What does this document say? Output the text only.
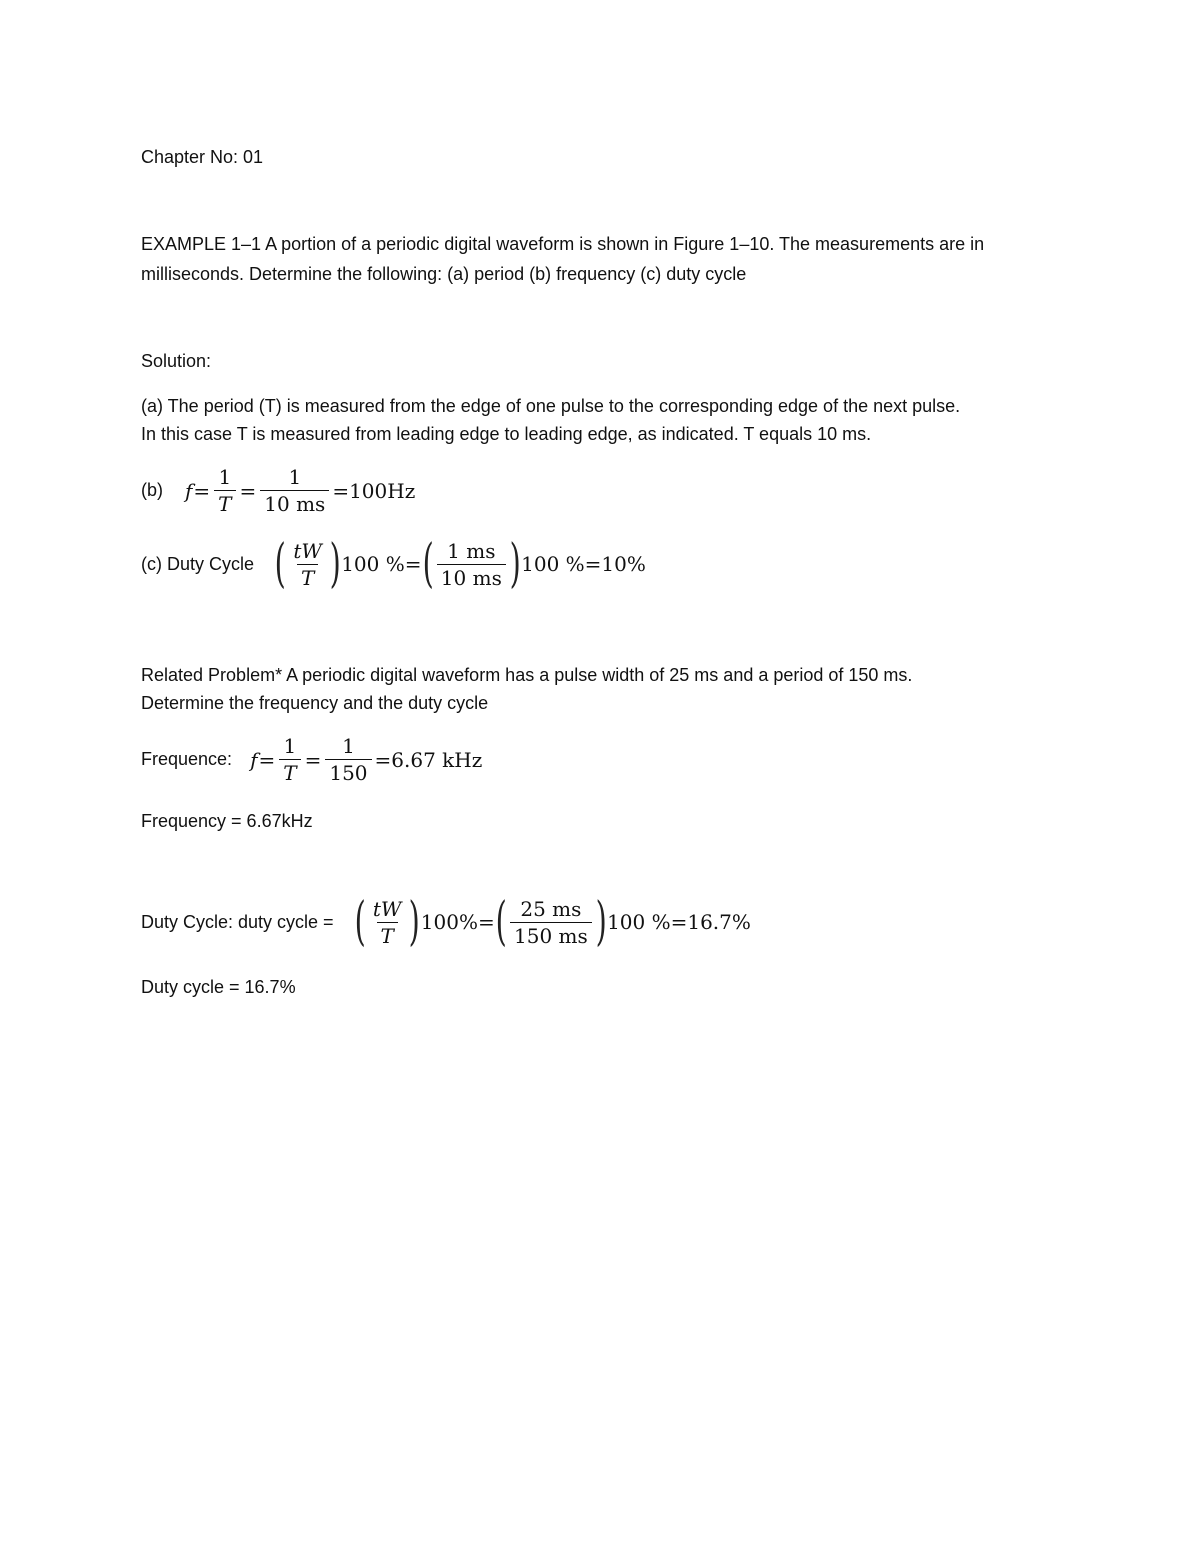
Chapter No: 01
EXAMPLE 1–1 A portion of a periodic digital waveform is shown in Figure 1–10. The measurements are in
milliseconds. Determine the following: (a) period (b) frequency (c) duty cycle
Solution:
(a) The period (T) is measured from the edge of one pulse to the corresponding edge of the next pulse.
In this case T is measured from leading edge to leading edge, as indicated. T equals 10 ms.
(b) $f = \frac{1}{T} = \frac{1}{10 ms} =100Hz$
(c) Duty Cycle ( $\frac{tW}{T}$ ) 100 %= ( $\frac{1 ms}{10 ms}$ ) 100 %=10%
Related Problem* A periodic digital waveform has a pulse width of 25 ms and a period of 150 ms.
Determine the frequency and the duty cycle
Frequence: $f = \frac{1}{T} = \frac{1}{150} =6.67$ kHz
Frequency = 6.67kHz
Duty Cycle: duty cycle = ( $\frac{tW}{T}$ ) 100%= ( $\frac{25 ms}{150 ms}$ ) 100 %=16.7%
Duty cycle = 16.7%
